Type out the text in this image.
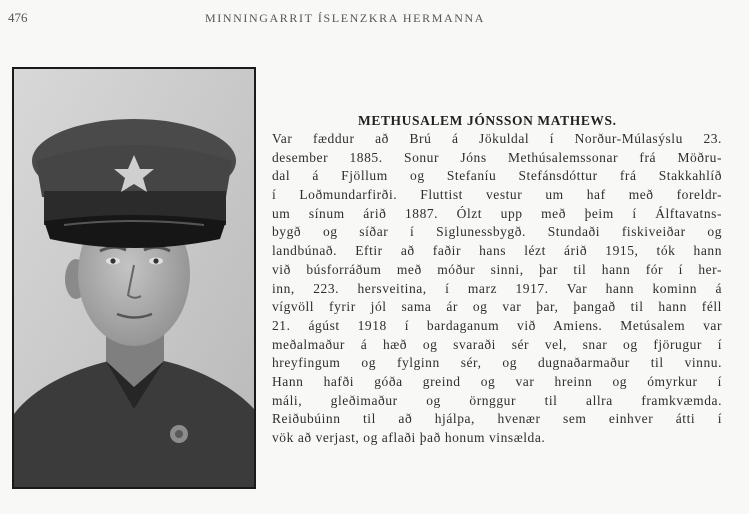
476	MINNINGARRIT ÍSLENZKRA HERMANNA
METHUSALEM JÓNSSON MATHEWS.
Var fæddur að Brú á Jökuldal í Norður-Múlasýslu 23.
desember 1885. Sonur Jóns Methúsalemssonar frá Möðru-
dal á Fjöllum og Stefaníu Stefánsdóttur frá Stakkahlíð
í Loðmundarfirði. Fluttist vestur um haf með foreldr-
um sínum árið 1887. Ólzt upp með þeim í Álftavatns-
bygð og síðar í Siglunessbygð. Stundaði fiskiveiðar og
landbúnað. Eftir að faðir hans lézt árið 1915, tók hann
við búsforráðum með móður sinni, þar til hann fór í her-
inn, 223. hersveitina, í marz 1917. Var hann kominn á
vígvöll fyrir jól sama ár og var þar, þangað til hann féll
21. ágúst 1918 í bardaganum við Amiens. Metúsalem var
meðalmaður á hæð og svaraði sér vel, snar og fjörugur í
hreyfingum og fylginn sér, og dugnaðarmaður til vinnu.
Hann hafði góða greind og var hreinn og ómyrkur í
máli, gleðimaður og örnggur til allra framkvæmda.
Reiðubúinn til að hjálpa, hvenær sem einhver átti í
vök að verjast, og aflaði það honum vinsælda.
